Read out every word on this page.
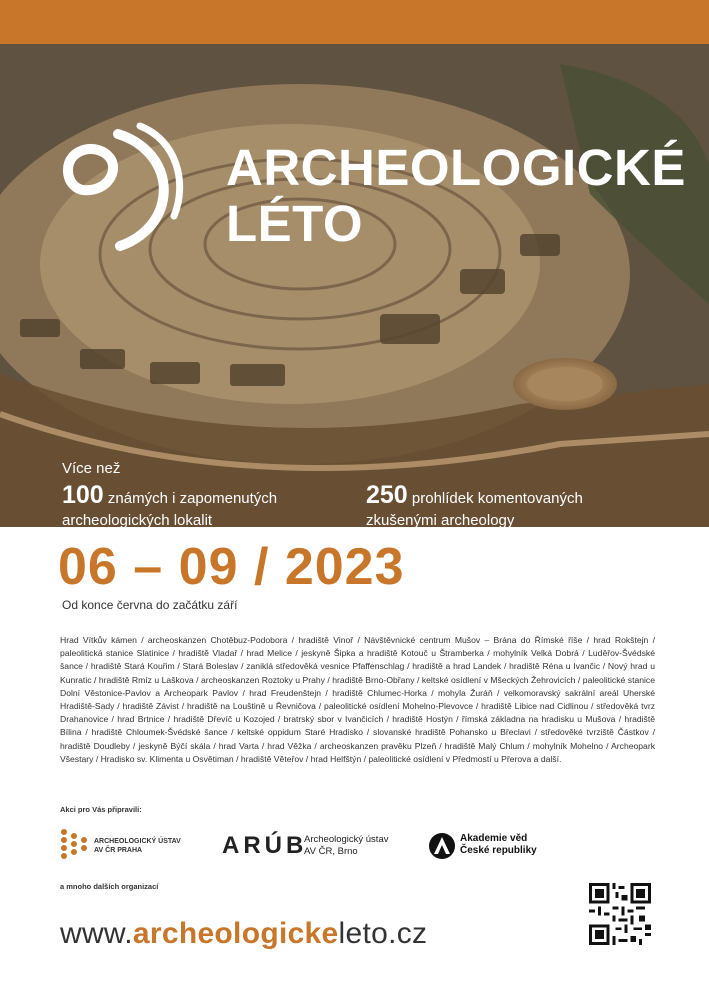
ARCHEOLOGICKÉ
LÉTO
Více než
100 známých i zapomenutých
archeologických lokalit
250 prohlídek komentovaných
zkušenými archeology
06 – 09 / 2023
Od konce června do začátku září
Hrad Vítkův kámen / archeoskanzen Chotěbuz-Podobora / hradiště Vinoř / Návštěvnické centrum Mušov – Brána do Římské říše / hrad Rokštejn / paleolitická stanice Slatinice / hradiště Vladař / hrad Melice / jeskyně Šipka a hradiště Kotouč u Štramberka / mohylník Velká Dobrá / Luděřov-Švédské šance / hradiště Stará Kouřim / Stará Boleslav / zaniklá středověká vesnice Pfaffenschlag / hradiště a hrad Landek / hradiště Réna u Ivančic / Nový hrad u Kunratic / hradiště Rmíz u Laškova / archeoskanzen Roztoky u Prahy / hradiště Brno-Obřany / keltské osídlení v Mšeckých Žehrovicích / paleolitické stanice Dolní Věstonice-Pavlov a Archeopark Pavlov / hrad Freudenštejn / hradiště Chlumec-Horka / mohyla Žuráň / velkomoravský sakrální areál Uherské Hradiště-Sady / hradiště Závist / hradiště na Louštině u Řevničova / paleolitické osídlení Mohelno-Plevovce / hradiště Libice nad Cidlinou / středověká tvrz Drahanovice / hrad Brtnice / hradiště Dřevíč u Kozojed / bratrský sbor v Ivančicích / hradiště Hostýn / římská základna na hradisku u Mušova / hradiště Bílina / hradiště Chloumek-Švédské šance / keltské oppidum Staré Hradisko / slovanské hradiště Pohansko u Břeclavi / středověké tvrziště Částkov / hradiště Doudleby / jeskyně Býčí skála / hrad Varta / hrad Věžka / archeoskanzen pravěku Plzeň / hradiště Malý Chlum / mohylník Mohelno / Archeopark Všestary / Hradisko sv. Klimenta u Osvětiman / hradiště Věteřov / hrad Helfštýn / paleolitické osídlení v Předmostí u Přerova a další.
Akci pro Vás připravili:
ARCHEOLOGICKÝ ÚSTAV
AV ČR PRAHA	ARÚB
Archeologický ústav
AV ČR, Brno
Akademie věd
České republiky
a mnoho dalších organizací
www.archeologickeleto.cz
